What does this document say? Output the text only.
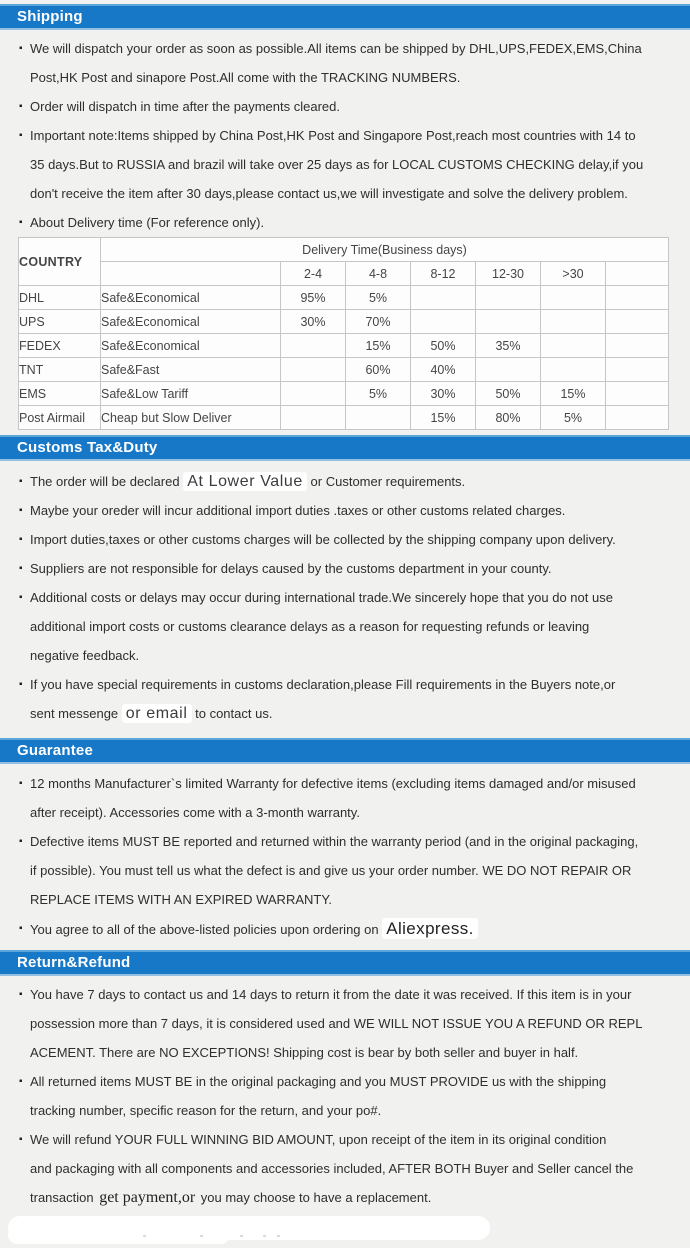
Shipping
▪ We will dispatch your order as soon as possible.All items can be shipped by DHL,UPS,FEDEX,EMS,China
Post,HK Post and sinapore Post.All come with the TRACKING NUMBERS.
▪ Order will dispatch in time after the payments cleared.
▪ Important note:Items shipped by China Post,HK Post and Singapore Post,reach most countries with 14 to
35 days.But to RUSSIA and brazil will take over 25 days as for LOCAL CUSTOMS CHECKING delay,if you
don't receive the item after 30 days,please contact us,we will investigate and solve the delivery problem.
▪ About Delivery time (For reference only).
COUNTRY	Delivery Time(Business days)						
		2-4	4-8	8-12	12-30	>30	
DHL	Safe&Economical	95%	5%				
UPS	Safe&Economical	30%	70%				
FEDEX	Safe&Economical		15%	50%	35%		
TNT	Safe&Fast		60%	40%			
EMS	Safe&Low Tariff		5%	30%	50%	15%	
Post Airmail	Cheap but Slow Deliver			15%	80%	5%	
Customs Tax&Duty
▪ The order will be declared At Lower Value or Customer requirements.
▪ Maybe your oreder will incur additional import duties .taxes or other customs related charges.
▪ Import duties,taxes or other customs charges will be collected by the shipping company upon delivery.
▪ Suppliers are not responsible for delays caused by the customs department in your county.
▪ Additional costs or delays may occur during international trade.We sincerely hope that you do not use
additional import costs or customs clearance delays as a reason for requesting refunds or leaving
negative feedback.
▪ If you have special requirements in customs declaration,please Fill requirements in the Buyers note,or
sent messenge or email to contact us.
Guarantee
▪ 12 months Manufacturer`s limited Warranty for defective items (excluding items damaged and/or misused
after receipt). Accessories come with a 3-month warranty.
▪ Defective items MUST BE reported and returned within the warranty period (and in the original packaging,
if possible). You must tell us what the defect is and give us your order number. WE DO NOT REPAIR OR
REPLACE ITEMS WITH AN EXPIRED WARRANTY.
▪ You agree to all of the above-listed policies upon ordering on Aliexpress.
Return&Refund
▪ You have 7 days to contact us and 14 days to return it from the date it was received. If this item is in your
possession more than 7 days, it is considered used and WE WILL NOT ISSUE YOU A REFUND OR REPL
ACEMENT. There are NO EXCEPTIONS! Shipping cost is bear by both seller and buyer in half.
▪ All returned items MUST BE in the original packaging and you MUST PROVIDE us with the shipping
tracking number, specific reason for the return, and your po#.
▪ We will refund YOUR FULL WINNING BID AMOUNT, upon receipt of the item in its original condition
and packaging with all components and accessories included, AFTER BOTH Buyer and Seller cancel the
transaction get payment,or you may choose to have a replacement.
